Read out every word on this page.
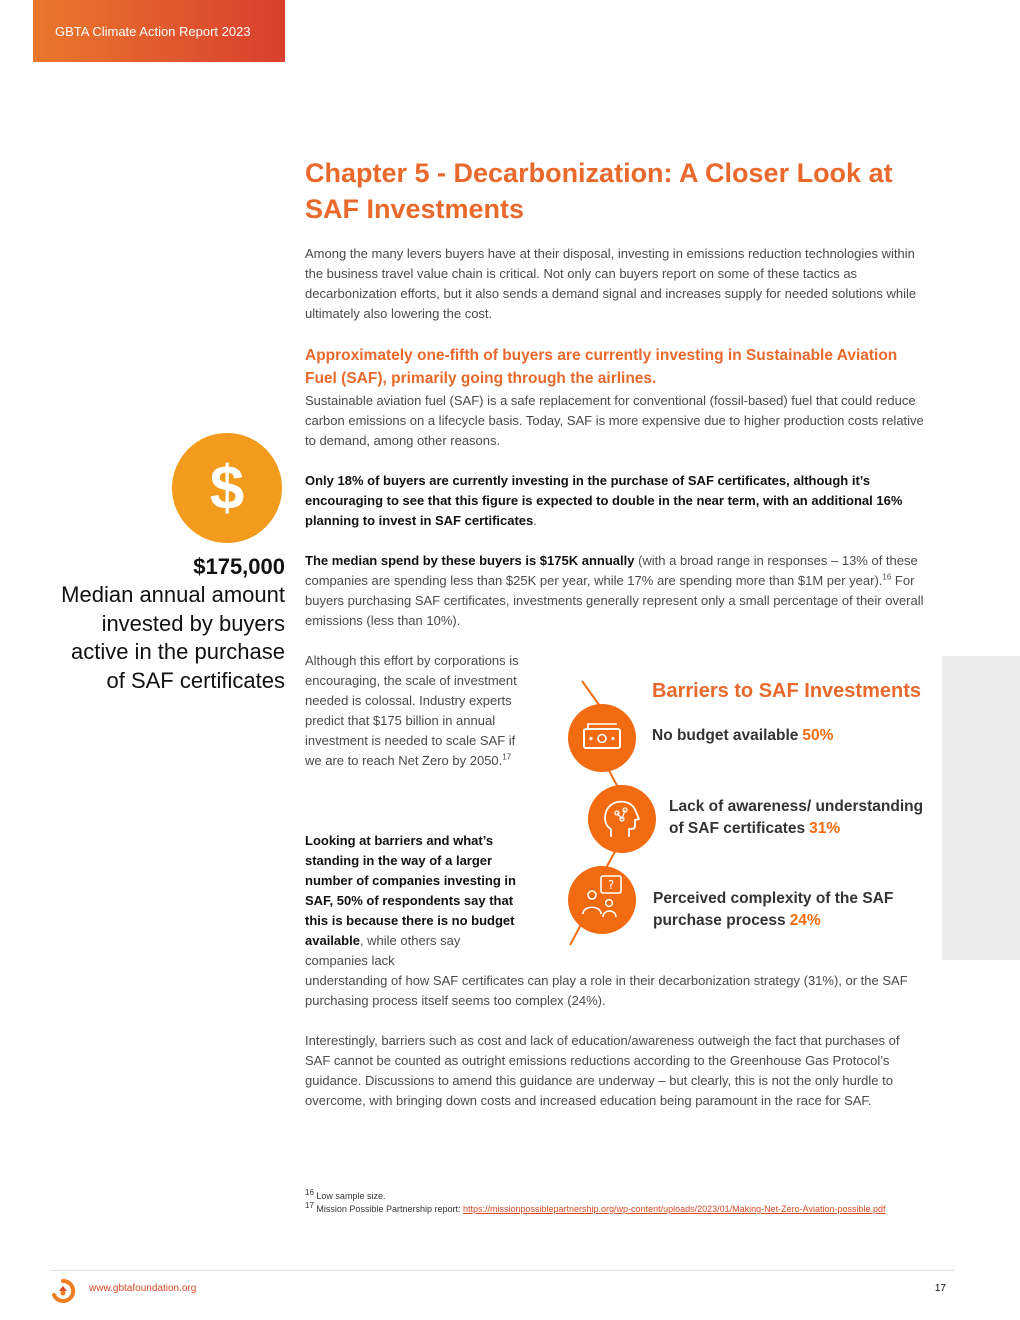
GBTA Climate Action Report 2023
Chapter 5 - Decarbonization: A Closer Look at SAF Investments

Among the many levers buyers have at their disposal, investing in emissions reduction technologies within the business travel value chain is critical. Not only can buyers report on some of these tactics as decarbonization efforts, but it also sends a demand signal and increases supply for needed solutions while ultimately also lowering the cost.

Approximately one-fifth of buyers are currently investing in Sustainable Aviation Fuel (SAF), primarily going through the airlines.

Sustainable aviation fuel (SAF) is a safe replacement for conventional (fossil-based) fuel that could reduce carbon emissions on a lifecycle basis. Today, SAF is more expensive due to higher production costs relative to demand, among other reasons.

Only 18% of buyers are currently investing in the purchase of SAF certificates, although it’s encouraging to see that this figure is expected to double in the near term, with an additional 16% planning to invest in SAF certificates.

The median spend by these buyers is $175K annually (with a broad range in responses – 13% of these companies are spending less than $25K per year, while 17% are spending more than $1M per year).$^{16}$ For buyers purchasing SAF certificates, investments generally represent only a small percentage of their overall emissions (less than 10%).

Although this effort by corporations is encouraging, the scale of investment needed is colossal. Industry experts predict that $175 billion in annual investment is needed to scale SAF if we are to reach Net Zero by 2050.17

Looking at barriers and what’s standing in the way of a larger number of companies investing in SAF, 50% of respondents say that this is because there is no budget available, while others say companies lack

understanding of how SAF certificates can play a role in their decarbonization strategy (31%), or the SAF purchasing process itself seems too complex (24%).

Interestingly, barriers such as cost and lack of education/awareness outweigh the fact that purchases of SAF cannot be counted as outright emissions reductions according to the Greenhouse Gas Protocol’s guidance. Discussions to amend this guidance are underway – but clearly, this is not the only hurdle to overcome, with bringing down costs and increased education being paramount in the race for SAF.

$

$175,000

Median annual amount invested by buyers active in the purchase of SAF certificates

?

Barriers to SAF Investments

No budget available 50%

Lack of awareness/ understanding of SAF certificates 31%

Perceived complexity of the SAF purchase process 24%

$^{16}$ Low sample size.

$^{17}$ Mission Possible Partnership report: https://missionpossiblepartnership.org/wp-content/uploads/2023/01/Making-Net-Zero-Aviation-possible.pdf

www.gbtafoundation.org	17
